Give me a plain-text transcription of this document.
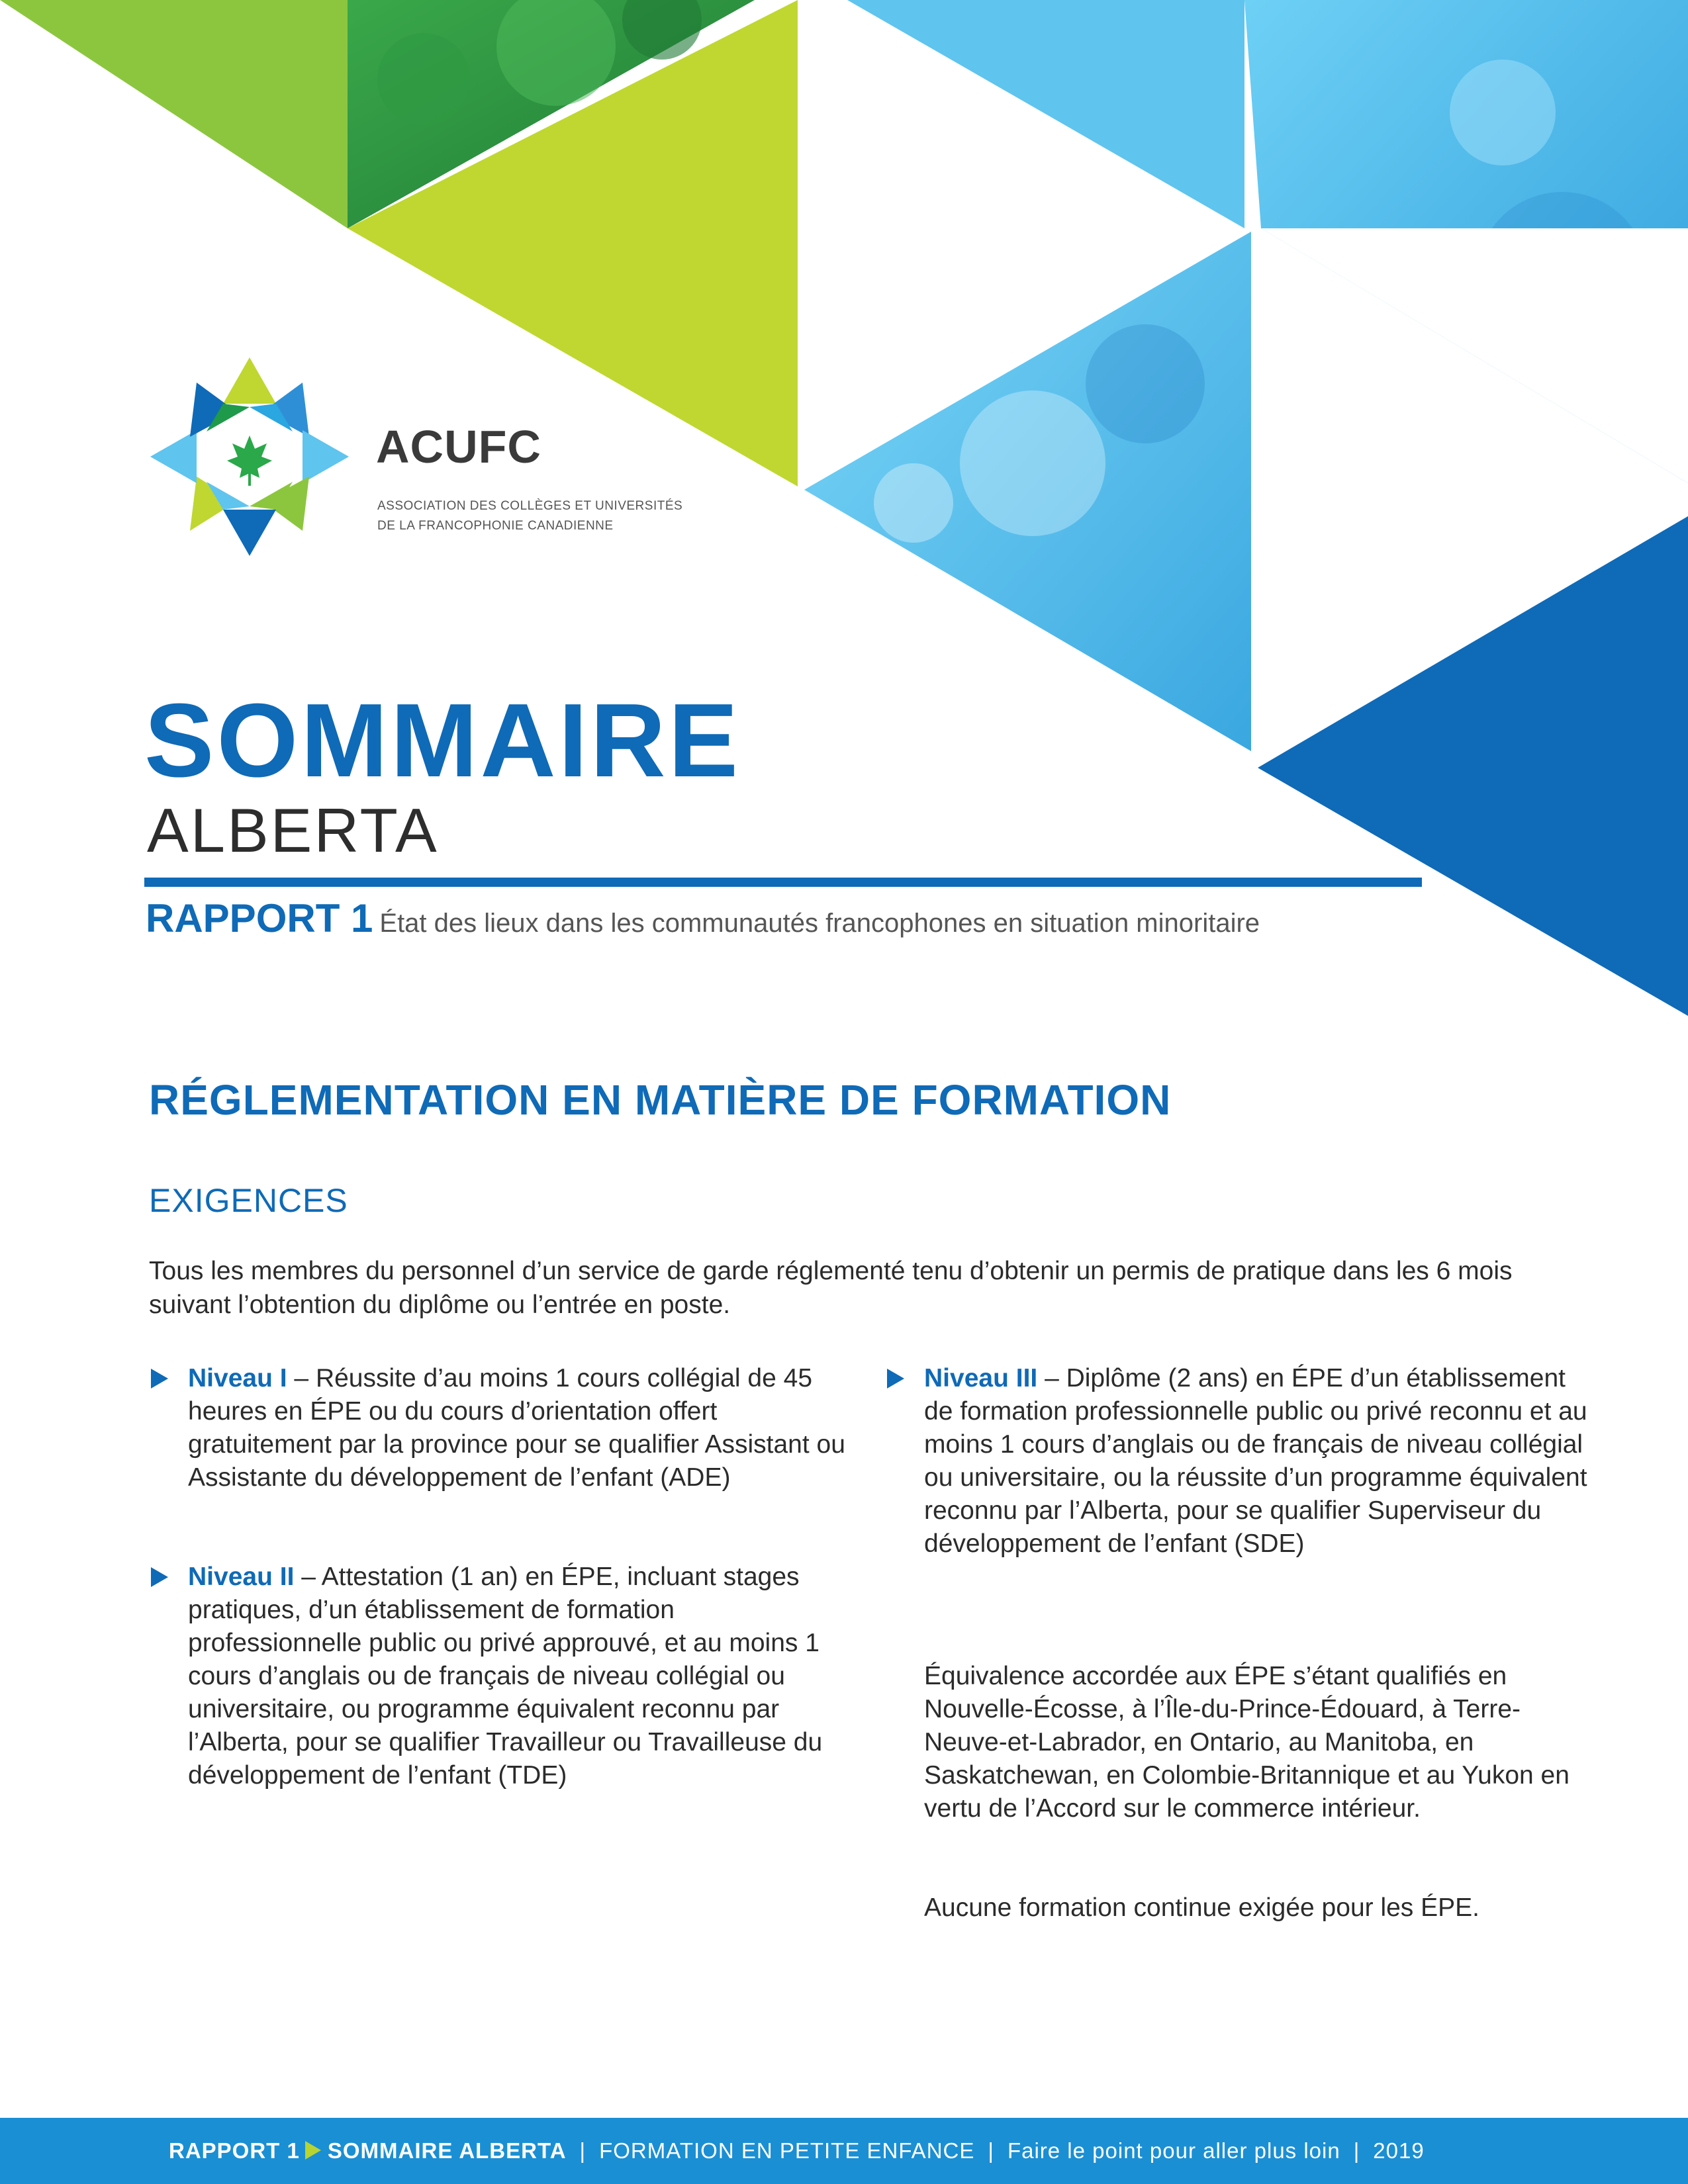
ACUFC

ASSOCIATION DES COLLÈGES ET UNIVERSITÉS
DE LA FRANCOPHONIE CANADIENNE

SOMMAIRE
ALBERTA

RAPPORT 1 État des lieux dans les communautés francophones en situation minoritaire

RÉGLEMENTATION EN MATIÈRE DE FORMATION
EXIGENCES

Tous les membres du personnel d’un service de garde réglementé tenu d’obtenir un permis de pratique dans les 6 mois suivant l’obtention du diplôme ou l’entrée en poste.

Niveau I – Réussite d’au moins 1 cours collégial de 45 heures en ÉPE ou du cours d’orientation offert gratuitement par la province pour se qualifier Assistant ou Assistante du développement de l’enfant (ADE)

Niveau II – Attestation (1 an) en ÉPE, incluant stages pratiques, d’un établissement de formation professionnelle public ou privé approuvé, et au moins 1 cours d’anglais ou de français de niveau collégial ou universitaire, ou programme équivalent reconnu par l’Alberta, pour se qualifier Travailleur ou Travailleuse du développement de l’enfant (TDE)

Niveau III – Diplôme (2 ans) en ÉPE d’un établissement de formation professionnelle public ou privé reconnu et au moins 1 cours d’anglais ou de français de niveau collégial ou universitaire, ou la réussite d’un programme équivalent reconnu par l’Alberta, pour se qualifier Superviseur du développement de l’enfant (SDE)

Équivalence accordée aux ÉPE s’étant qualifiés en Nouvelle-Écosse, à l’Île-du-Prince-Édouard, à Terre-Neuve-et-Labrador, en Ontario, au Manitoba, en Saskatchewan, en Colombie-Britannique et au Yukon en vertu de l’Accord sur le commerce intérieur.

Aucune formation continue exigée pour les ÉPE.

RAPPORT 1 SOMMAIRE ALBERTA | FORMATION EN PETITE ENFANCE | Faire le point pour aller plus loin | 2019
